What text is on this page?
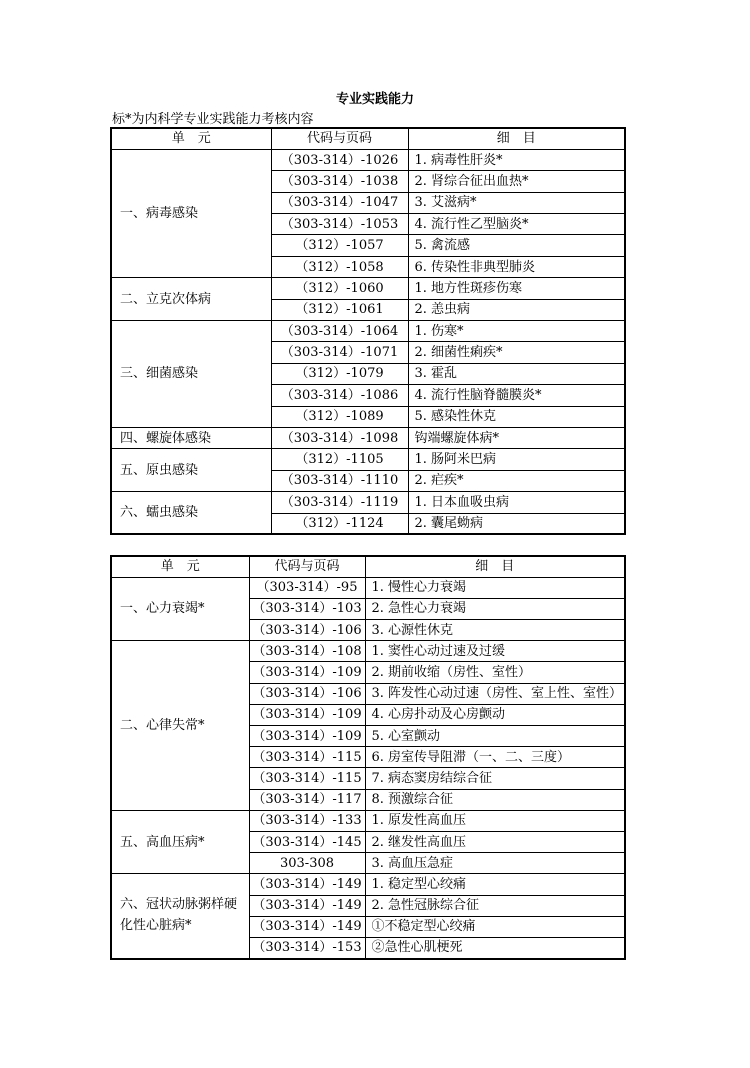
专业实践能力
标*为内科学专业实践能力考核内容
单　元	代码与页码	细　目
一、病毒感染	（303-314）-1026	1. 病毒性肝炎*
	（303-314）-1038	2. 肾综合征出血热*
	（303-314）-1047	3. 艾滋病*
	（303-314）-1053	4. 流行性乙型脑炎*
	（312）-1057	5. 禽流感
	（312）-1058	6. 传染性非典型肺炎
二、立克次体病	（312）-1060	1. 地方性斑疹伤寒
	（312）-1061	2. 恙虫病
三、细菌感染	（303-314）-1064	1. 伤寒*
	（303-314）-1071	2. 细菌性痢疾*
	（312）-1079	3. 霍乱
	（303-314）-1086	4. 流行性脑脊髓膜炎*
	（312）-1089	5. 感染性休克
四、螺旋体感染	（303-314）-1098	钩端螺旋体病*
五、原虫感染	（312）-1105	1. 肠阿米巴病
	（303-314）-1110	2. 疟疾*
六、蠕虫感染	（303-314）-1119	1. 日本血吸虫病
	（312）-1124	2. 囊尾蚴病
单　元	代码与页码	细　目
一、心力衰竭*	（303-314）-95	1. 慢性心力衰竭
	（303-314）-103	2. 急性心力衰竭
	（303-314）-106	3. 心源性休克
二、心律失常*	（303-314）-108	1. 窦性心动过速及过缓
	（303-314）-109	2. 期前收缩（房性、室性）
	（303-314）-106	3. 阵发性心动过速（房性、室上性、室性）
	（303-314）-109	4. 心房扑动及心房颤动
	（303-314）-109	5. 心室颤动
	（303-314）-115	6. 房室传导阻滞（一、二、三度）
	（303-314）-115	7. 病态窦房结综合征
	（303-314）-117	8. 预激综合征
五、高血压病*	（303-314）-133	1. 原发性高血压
	（303-314）-145	2. 继发性高血压
	303-308	3. 高血压急症
六、冠状动脉粥样硬化性心脏病*	（303-314）-149	1. 稳定型心绞痛
	（303-314）-149	2. 急性冠脉综合征
	（303-314）-149	①不稳定型心绞痛
	（303-314）-153	②急性心肌梗死
